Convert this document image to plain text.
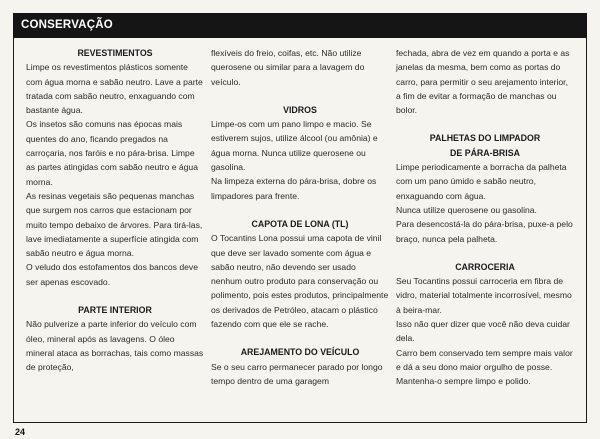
CONSERVAÇÃO
REVESTIMENTOS
Limpe os revestimentos plásticos somente com água morna e sabão neutro. Lave a parte tratada com sabão neutro, enxaguando com bastante água.
Os insetos são comuns nas épocas mais quentes do ano, ficando pregados na carroçaria, nos faróis e no pára-brisa. Limpe as partes atingidas com sabão neutro e água morna.
As resinas vegetais são pequenas manchas que surgem nos carros que estacionam por muito tempo debaixo de árvores. Para tirá-las, lave imediatamente a superfície atingida com sabão neutro e água morna.
O veludo dos estofamentos dos bancos deve ser apenas escovado.
PARTE INTERIOR
Não pulverize a parte inferior do veículo com óleo, mineral após as lavagens. O óleo mineral ataca as borrachas, tais como massas de proteção,
flexíveis do freio, coifas, etc. Não utilize querosene ou similar para a lavagem do veículo.
VIDROS
Limpe-os com um pano limpo e macio. Se estiverem sujos, utilize álcool (ou amônia) e água morna. Nunca utilize querosene ou gasolina.
Na limpeza externa do pára-brisa, dobre os limpadores para frente.
CAPOTA DE LONA (TL)
O Tocantins Lona possui uma capota de vinil que deve ser lavado somente com água e sabão neutro, não devendo ser usado nenhum outro produto para conservação ou polimento, pois estes produtos, principalmente os derivados de Petróleo, atacam o plástico fazendo com que ele se rache.
AREJAMENTO DO VEÍCULO
Se o seu carro permanecer parado por longo tempo dentro de uma garagem
fechada, abra de vez em quando a porta e as janelas da mesma, bem como as portas do carro, para permitir o seu arejamento interior, a fim de evitar a formação de manchas ou bolor.
PALHETAS DO LIMPADOR
DE PÁRA-BRISA
Limpe periodicamente a borracha da palheta com um pano úmido e sabão neutro, enxaguando com água.
Nunca utilize querosene ou gasolina.
Para desencostá-la do pára-brisa, puxe-a pelo braço, nunca pela palheta.
CARROCERIA
Seu Tocantins possui carroceria em fibra de vidro, material totalmente incorrosível, mesmo à beira-mar.
Isso não quer dizer que você não deva cuidar dela.
Carro bem conservado tem sempre mais valor e dá a seu dono maior orgulho de posse.
Mantenha-o sempre limpo e polido.
24
